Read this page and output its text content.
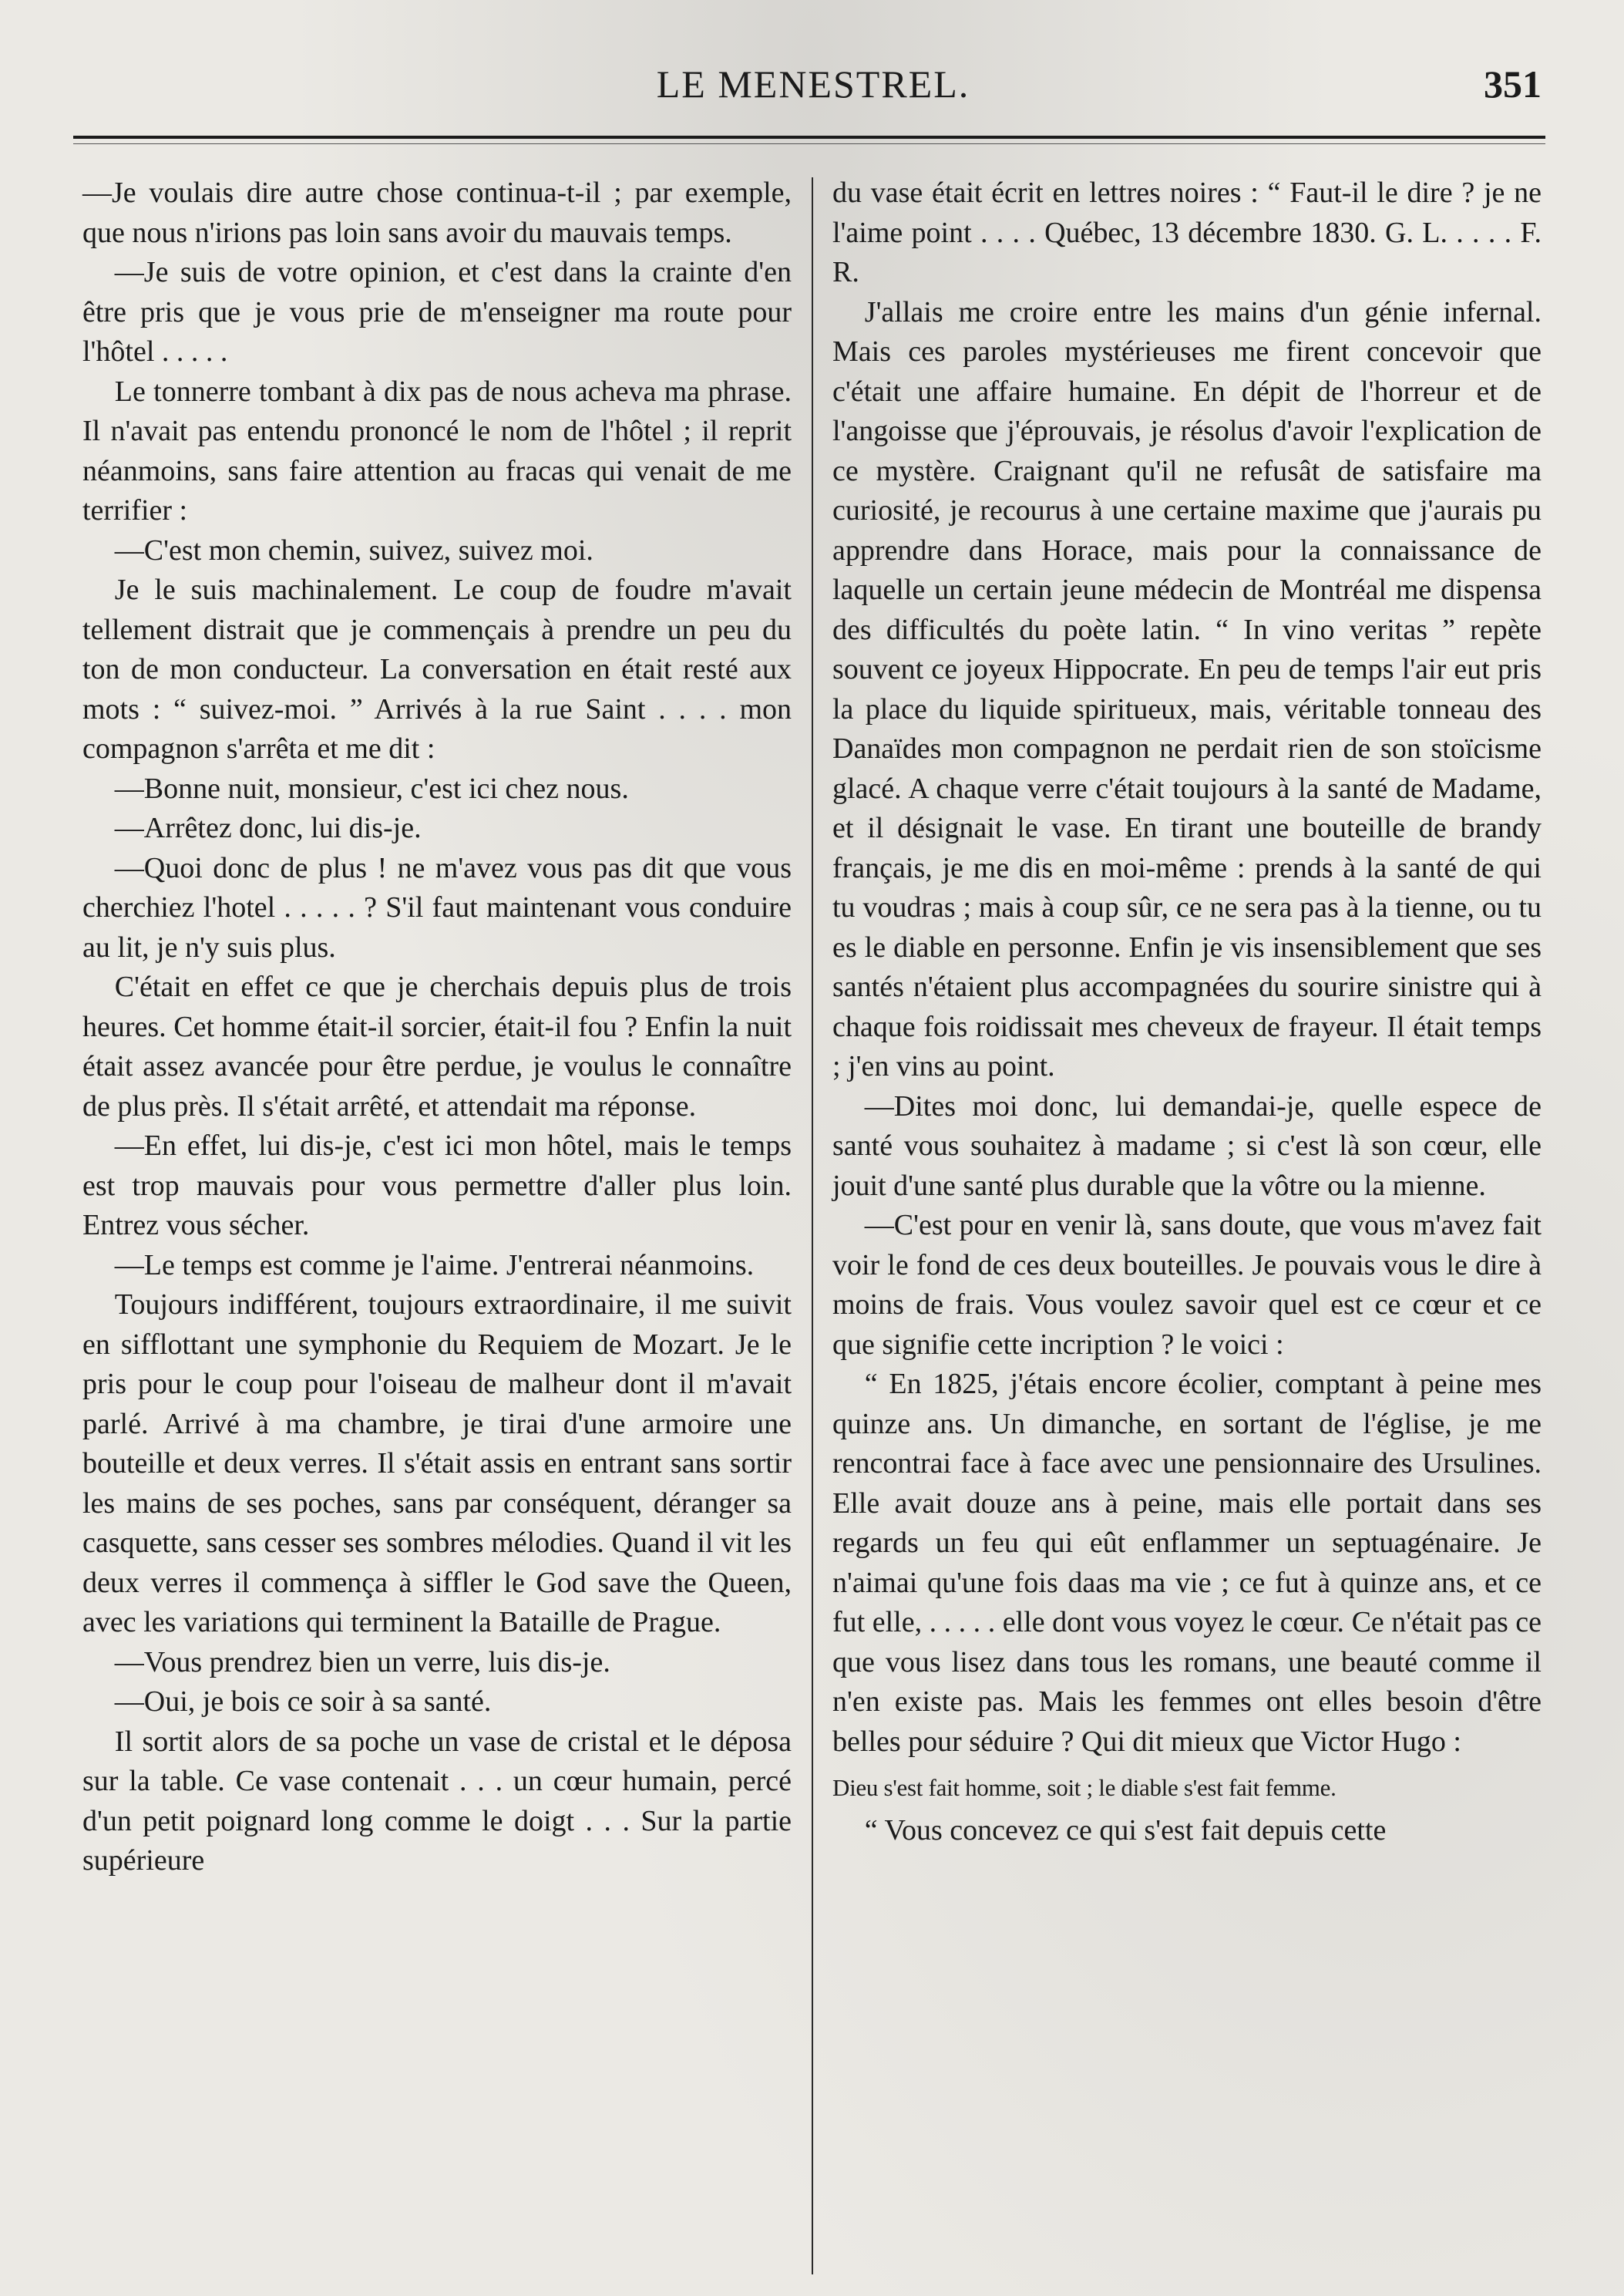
LE MENESTREL.	351

—Je voulais dire autre chose continua-t-il ; par exemple, que nous n'irions pas loin sans avoir du mauvais temps.

—Je suis de votre opinion, et c'est dans la crainte d'en être pris que je vous prie de m'enseigner ma route pour l'hôtel . . . . .

Le tonnerre tombant à dix pas de nous acheva ma phrase. Il n'avait pas entendu prononcé le nom de l'hôtel ; il reprit néanmoins, sans faire attention au fracas qui venait de me terrifier :

—C'est mon chemin, suivez, suivez moi.

Je le suis machinalement. Le coup de foudre m'avait tellement distrait que je commençais à prendre un peu du ton de mon conducteur. La conversation en était resté aux mots : “ suivez-moi. ” Arrivés à la rue Saint . . . . mon compagnon s'arrêta et me dit :

—Bonne nuit, monsieur, c'est ici chez nous.

—Arrêtez donc, lui dis-je.

—Quoi donc de plus ! ne m'avez vous pas dit que vous cherchiez l'hotel . . . . . ? S'il faut maintenant vous conduire au lit, je n'y suis plus.

C'était en effet ce que je cherchais depuis plus de trois heures. Cet homme était-il sorcier, était-il fou ? Enfin la nuit était assez avancée pour être perdue, je voulus le connaître de plus près. Il s'était arrêté, et attendait ma réponse.

—En effet, lui dis-je, c'est ici mon hôtel, mais le temps est trop mauvais pour vous permettre d'aller plus loin. Entrez vous sécher.

—Le temps est comme je l'aime. J'entrerai néanmoins.

Toujours indifférent, toujours extraordinaire, il me suivit en sifflottant une symphonie du Requiem de Mozart. Je le pris pour le coup pour l'oiseau de malheur dont il m'avait parlé. Arrivé à ma chambre, je tirai d'une armoire une bouteille et deux verres. Il s'était assis en entrant sans sortir les mains de ses poches, sans par conséquent, déranger sa casquette, sans cesser ses sombres mélodies. Quand il vit les deux verres il commença à siffler le God save the Queen, avec les variations qui terminent la Bataille de Prague.

—Vous prendrez bien un verre, luis dis-je.

—Oui, je bois ce soir à sa santé.

Il sortit alors de sa poche un vase de cristal et le déposa sur la table. Ce vase contenait . . . un cœur humain, percé d'un petit poignard long comme le doigt . . . Sur la partie supérieure

du vase était écrit en lettres noires : “ Faut-il le dire ? je ne l'aime point . . . . Québec, 13 décembre 1830. G. L. . . . . F. R.

J'allais me croire entre les mains d'un génie infernal. Mais ces paroles mystérieuses me firent concevoir que c'était une affaire humaine. En dépit de l'horreur et de l'angoisse que j'éprouvais, je résolus d'avoir l'explication de ce mystère. Craignant qu'il ne refusât de satisfaire ma curiosité, je recourus à une certaine maxime que j'aurais pu apprendre dans Horace, mais pour la connaissance de laquelle un certain jeune médecin de Montréal me dispensa des difficultés du poète latin. “ In vino veritas ” repète souvent ce joyeux Hippocrate. En peu de temps l'air eut pris la place du liquide spiritueux, mais, véritable tonneau des Danaïdes mon compagnon ne perdait rien de son stoïcisme glacé. A chaque verre c'était toujours à la santé de Madame, et il désignait le vase. En tirant une bouteille de brandy français, je me dis en moi-même : prends à la santé de qui tu voudras ; mais à coup sûr, ce ne sera pas à la tienne, ou tu es le diable en personne. Enfin je vis insensiblement que ses santés n'étaient plus accompagnées du sourire sinistre qui à chaque fois roidissait mes cheveux de frayeur. Il était temps ; j'en vins au point.

—Dites moi donc, lui demandai-je, quelle espece de santé vous souhaitez à madame ; si c'est là son cœur, elle jouit d'une santé plus durable que la vôtre ou la mienne.

—C'est pour en venir là, sans doute, que vous m'avez fait voir le fond de ces deux bouteilles. Je pouvais vous le dire à moins de frais. Vous voulez savoir quel est ce cœur et ce que signifie cette incription ? le voici :

“ En 1825, j'étais encore écolier, comptant à peine mes quinze ans. Un dimanche, en sortant de l'église, je me rencontrai face à face avec une pensionnaire des Ursulines. Elle avait douze ans à peine, mais elle portait dans ses regards un feu qui eût enflammer un septuagénaire. Je n'aimai qu'une fois daas ma vie ; ce fut à quinze ans, et ce fut elle, . . . . . elle dont vous voyez le cœur. Ce n'était pas ce que vous lisez dans tous les romans, une beauté comme il n'en existe pas. Mais les femmes ont elles besoin d'être belles pour séduire ? Qui dit mieux que Victor Hugo :

Dieu s'est fait homme, soit ; le diable s'est fait femme.

“ Vous concevez ce qui s'est fait depuis cette
